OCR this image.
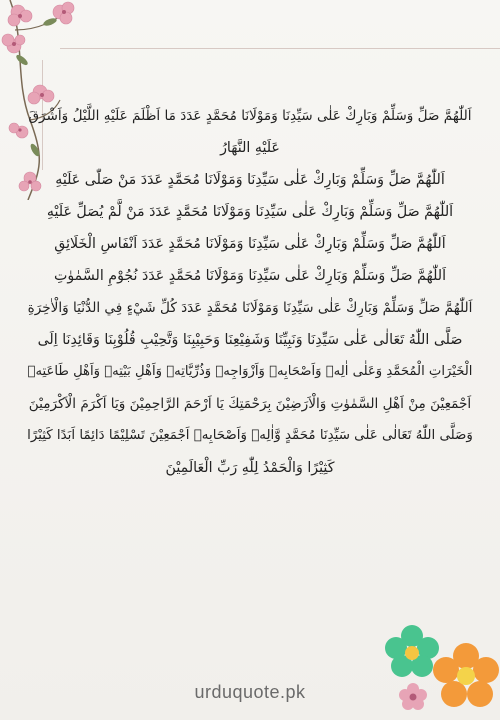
اَللّٰهُمَّ صَلِّ وَسَلِّمْ وَبَارِكْ عَلٰى سَيِّدِنَا وَمَوْلَانَا مُحَمَّدٍ عَدَدَ مَا اَظْلَمَ عَلَيْهِ اللَّيْلُ وَاَشْرَقَ
عَلَيْهِ النَّهَارُ
اَللّٰهُمَّ صَلِّ وَسَلِّمْ وَبَارِكْ عَلٰى سَيِّدِنَا وَمَوْلَانَا مُحَمَّدٍ عَدَدَ مَنْ صَلّٰى عَلَيْهِ
اَللّٰهُمَّ صَلِّ وَسَلِّمْ وَبَارِكْ عَلٰى سَيِّدِنَا وَمَوْلَانَا مُحَمَّدٍ عَدَدَ مَنْ لَّمْ يُصَلِّ عَلَيْهِ
اَللّٰهُمَّ صَلِّ وَسَلِّمْ وَبَارِكْ عَلٰى سَيِّدِنَا وَمَوْلَانَا مُحَمَّدٍ عَدَدَ اَنْفَاسِ الْخَلَائِقِ
اَللّٰهُمَّ صَلِّ وَسَلِّمْ وَبَارِكْ عَلٰى سَيِّدِنَا وَمَوْلَانَا مُحَمَّدٍ عَدَدَ نُجُوْمِ السَّمٰوٰتِ
اَللّٰهُمَّ صَلِّ وَسَلِّمْ وَبَارِكْ عَلٰى سَيِّدِنَا وَمَوْلَانَا مُحَمَّدٍ عَدَدَ كُلِّ شَيْءٍ فِي الدُّنْيَا وَالْاٰخِرَةِ
صَلَّى اللّٰهُ تَعَالٰى عَلٰى سَيِّدِنَا وَنَبِيِّنَا وَشَفِيْعِنَا وَحَبِيْبِنَا وَتَّحِيْبِ قُلُوْبِنَا وَقَائِدِنَا اِلَى
الْخَيْرَاتِ الْمُحَمَّدِ وَعَلٰى اٰلِهٖ وَاَصْحَابِهٖ وَاَزْوَاجِهٖ وَذُرِّيَّاتِهٖ وَاَهْلِ بَيْتِهٖ وَاَهْلِ طَاعَتِهٖ
اَجْمَعِيْنَ مِنْ اَهْلِ السَّمٰوٰتِ وَالْاَرَضِيْنَ بِرَحْمَتِكَ يَا اَرْحَمَ الرَّاحِمِيْنَ وَيَا اَكْرَمَ الْاَكْرَمِيْنَ
وَصَلَّى اللّٰهُ تَعَالٰى عَلٰى سَيِّدِنَا مُحَمَّدٍ وَّاٰلِهٖ وَاَصْحَابِهٖ اَجْمَعِيْنَ تَسْلِيْمًا دَائِمًا اَبَدًا كَثِيْرًا
كَثِيْرًا وَالْحَمْدُ لِلّٰهِ رَبِّ الْعَالَمِيْنَ
urduquote.pk
